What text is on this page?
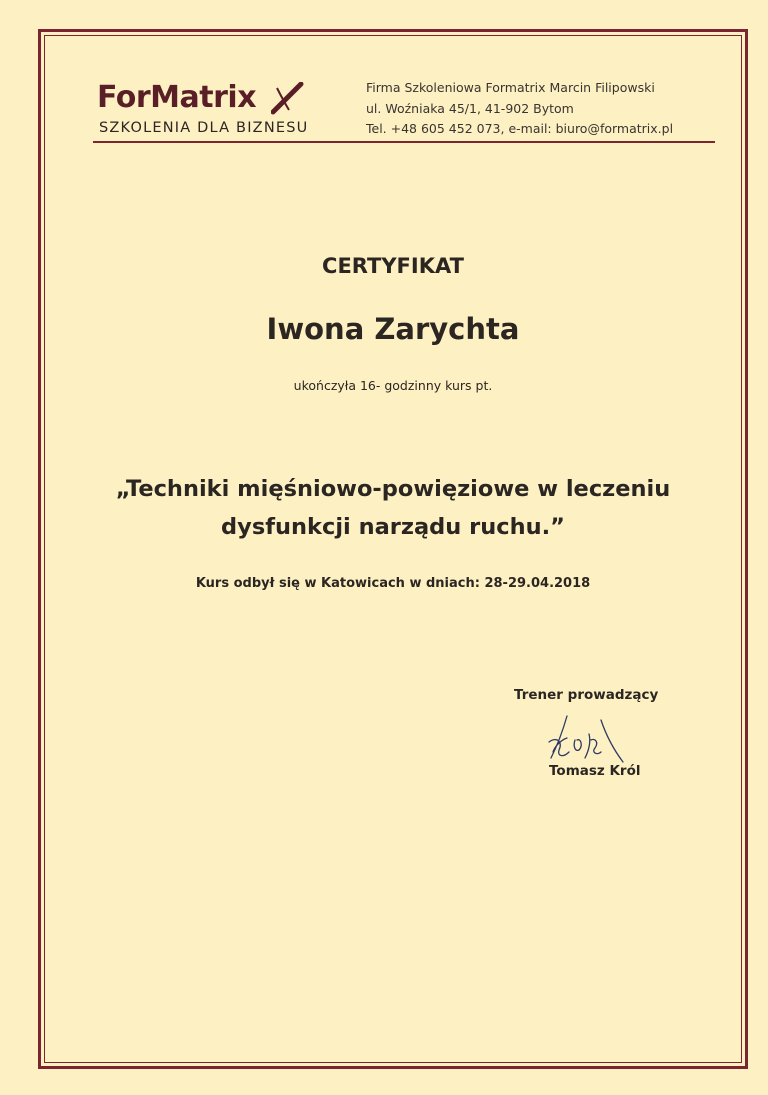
ForMatrix
SZKOLENIA DLA BIZNESU
Firma Szkoleniowa Formatrix Marcin Filipowski
ul. Woźniaka 45/1, 41-902 Bytom
Tel. +48 605 452 073, e-mail: biuro@formatrix.pl
CERTYFIKAT
Iwona Zarychta
ukończyła 16- godzinny kurs pt.
„Techniki mięśniowo-powięziowe w leczeniu
dysfunkcji narządu ruchu.”
Kurs odbył się w Katowicach w dniach: 28-29.04.2018
Trener prowadzący
Tomasz Król
